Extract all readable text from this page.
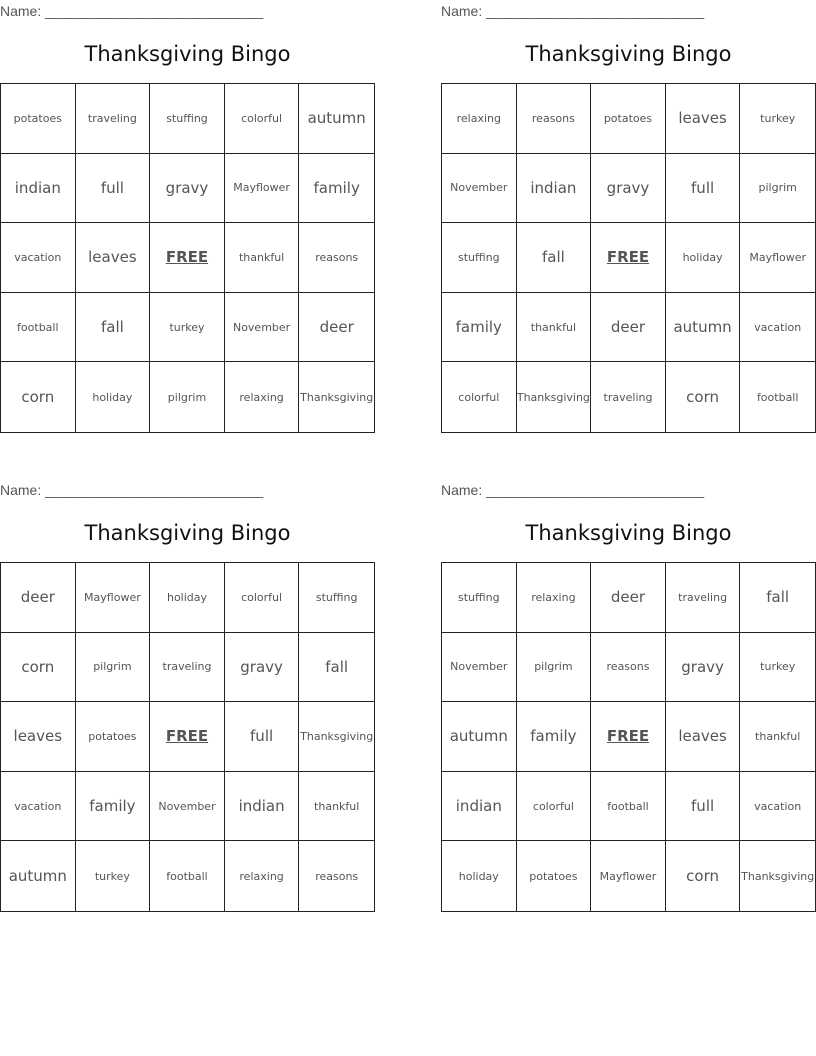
Name: ____________________________
Thanksgiving Bingo
potatoes	traveling	stuffing	colorful	autumn
indian	full	gravy	Mayflower	family
vacation	leaves	FREE	thankful	reasons
football	fall	turkey	November	deer
corn	holiday	pilgrim	relaxing	Thanksgiving
Name: ____________________________
Thanksgiving Bingo
relaxing	reasons	potatoes	leaves	turkey
November	indian	gravy	full	pilgrim
stuffing	fall	FREE	holiday	Mayflower
family	thankful	deer	autumn	vacation
colorful	Thanksgiving	traveling	corn	football
Name: ____________________________
Thanksgiving Bingo
deer	Mayflower	holiday	colorful	stuffing
corn	pilgrim	traveling	gravy	fall
leaves	potatoes	FREE	full	Thanksgiving
vacation	family	November	indian	thankful
autumn	turkey	football	relaxing	reasons
Name: ____________________________
Thanksgiving Bingo
stuffing	relaxing	deer	traveling	fall
November	pilgrim	reasons	gravy	turkey
autumn	family	FREE	leaves	thankful
indian	colorful	football	full	vacation
holiday	potatoes	Mayflower	corn	Thanksgiving
